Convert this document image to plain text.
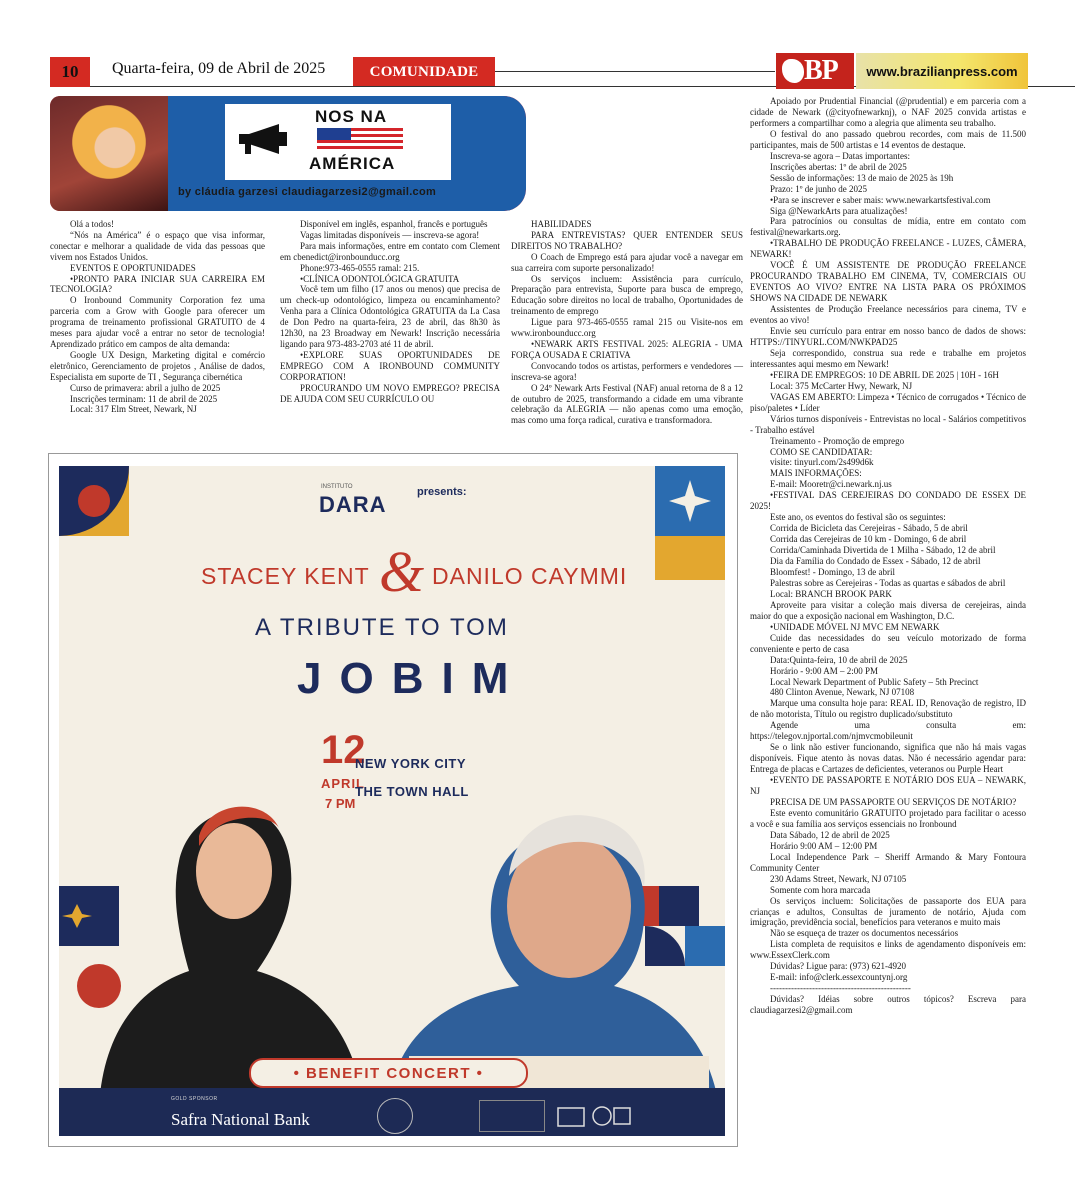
10	Quarta-feira, 09 de Abril de 2025	COMUNIDADE	BP	www.brazilianpress.com
NOS NA
AMÉRICA
by cláudia garzesi claudiagarzesi2@gmail.com

Olá a todos!

“Nós na América” é o espaço que visa informar, conectar e melhorar a qualidade de vida das pessoas que vivem nos Estados Unidos.

EVENTOS E OPORTUNIDADES

•PRONTO PARA INICIAR SUA CARREIRA EM TECNOLOGIA?

O Ironbound Community Corporation fez uma parceria com a Grow with Google para oferecer um programa de treinamento profissional GRATUITO de 4 meses para ajudar você a entrar no setor de tecnologia! Aprendizado prático em campos de alta demanda:

Google UX Design, Marketing digital e comércio eletrônico, Gerenciamento de projetos , Análise de dados, Especialista em suporte de TI , Segurança cibernética

Curso de primavera: abril a julho de 2025

Inscrições terminam: 11 de abril de 2025

Local: 317 Elm Street, Newark, NJ

Disponível em inglês, espanhol, francês e português

Vagas limitadas disponíveis — inscreva-se agora!

Para mais informações, entre em contato com Clement em cbenedict@ironbounducc.org

Phone:973-465-0555 ramal: 215.

•CLÍNICA ODONTOLÓGICA GRATUITA

Você tem um filho (17 anos ou menos) que precisa de um check-up odontológico, limpeza ou encaminhamento? Venha para a Clínica Odontológica GRATUITA da La Casa de Don Pedro na quarta-feira, 23 de abril, das 8h30 às 12h30, na 23 Broadway em Newark! Inscrição necessária ligando para 973-483-2703 até 11 de abril.

•EXPLORE SUAS OPORTUNIDADES DE EMPREGO COM A IRONBOUND COMMUNITY CORPORATION!

PROCURANDO UM NOVO EMPREGO? PRECISA DE AJUDA COM SEU CURRÍCULO OU

HABILIDADES

PARA ENTREVISTAS? QUER ENTENDER SEUS DIREITOS NO TRABALHO?

O Coach de Emprego está para ajudar você a navegar em sua carreira com suporte personalizado!

Os serviços incluem: Assistência para currículo, Preparação para entrevista, Suporte para busca de emprego, Educação sobre direitos no local de trabalho, Oportunidades de treinamento de emprego

Ligue para 973-465-0555 ramal 215 ou Visite-nos em www.ironbounducc.org

•NEWARK ARTS FESTIVAL 2025: ALEGRIA - UMA FORÇA OUSADA E CRIATIVA

Convocando todos os artistas, performers e vendedores — inscreva-se agora!

O 24º Newark Arts Festival (NAF) anual retorna de 8 a 12 de outubro de 2025, transformando a cidade em uma vibrante celebração da ALEGRIA — não apenas como uma emoção, mas como uma força radical, curativa e transformadora.

Apoiado por Prudential Financial (@prudential) e em parceria com a cidade de Newark (@cityofnewarknj), o NAF 2025 convida artistas e performers a compartilhar como a alegria que alimenta seu trabalho.

O festival do ano passado quebrou recordes, com mais de 11.500 participantes, mais de 500 artistas e 14 eventos de destaque.

Inscreva-se agora – Datas importantes:

Inscrições abertas: 1º de abril de 2025

Sessão de informações: 13 de maio de 2025 às 19h

Prazo: 1º de junho de 2025

•Para se inscrever e saber mais: www.newarkartsfestival.com

Siga @NewarkArts para atualizações!

Para patrocínios ou consultas de mídia, entre em contato com festival@newarkarts.org.

•TRABALHO DE PRODUÇÃO FREELANCE - LUZES, CÂMERA, NEWARK!

VOCÊ É UM ASSISTENTE DE PRODUÇÃO FREELANCE PROCURANDO TRABALHO EM CINEMA, TV, COMERCIAIS OU EVENTOS AO VIVO? ENTRE NA LISTA PARA OS PRÓXIMOS SHOWS NA CIDADE DE NEWARK

Assistentes de Produção Freelance necessários para cinema, TV e eventos ao vivo!

Envie seu currículo para entrar em nosso banco de dados de shows: HTTPS://TINYURL.COM/NWKPAD25

Seja correspondido, construa sua rede e trabalhe em projetos interessantes aqui mesmo em Newark!

•FEIRA DE EMPREGOS: 10 DE ABRIL DE 2025 | 10H - 16H

Local: 375 McCarter Hwy, Newark, NJ

VAGAS EM ABERTO: Limpeza • Técnico de corrugados • Técnico de piso/paletes • Líder

Vários turnos disponíveis - Entrevistas no local - Salários competitivos - Trabalho estável

Treinamento - Promoção de emprego

COMO SE CANDIDATAR:

visite: tinyurl.com/2s499d6k

MAIS INFORMAÇÕES:

E-mail: Mooretr@ci.newark.nj.us

•FESTIVAL DAS CEREJEIRAS DO CONDADO DE ESSEX DE 2025!

Este ano, os eventos do festival são os seguintes:

Corrida de Bicicleta das Cerejeiras - Sábado, 5 de abril

Corrida das Cerejeiras de 10 km - Domingo, 6 de abril

Corrida/Caminhada Divertida de 1 Milha - Sábado, 12 de abril

Dia da Família do Condado de Essex - Sábado, 12 de abril

Bloomfest! - Domingo, 13 de abril

Palestras sobre as Cerejeiras - Todas as quartas e sábados de abril

Local: BRANCH BROOK PARK

Aproveite para visitar a coleção mais diversa de cerejeiras, ainda maior do que a exposição nacional em Washington, D.C.

•UNIDADE MÓVEL NJ MVC EM NEWARK

Cuide das necessidades do seu veículo motorizado de forma conveniente e perto de casa

Data:Quinta-feira, 10 de abril de 2025

Horário - 9:00 AM – 2:00 PM

Local Newark Department of Public Safety – 5th Precinct

480 Clinton Avenue, Newark, NJ 07108

Marque uma consulta hoje para: REAL ID, Renovação de registro, ID de não motorista, Título ou registro duplicado/substituto

Agende uma consulta em: https://telegov.njportal.com/njmvcmobileunit

Se o link não estiver funcionando, significa que não há mais vagas disponíveis. Fique atento às novas datas. Não é necessário agendar para: Entrega de placas e Cartazes de deficientes, veteranos ou Purple Heart

•EVENTO DE PASSAPORTE E NOTÁRIO DOS EUA – NEWARK, NJ

PRECISA DE UM PASSAPORTE OU SERVIÇOS DE NOTÁRIO?

Este evento comunitário GRATUITO projetado para facilitar o acesso a você e sua família aos serviços essenciais no Ironbound

Data Sábado, 12 de abril de 2025

Horário 9:00 AM – 12:00 PM

Local Independence Park – Sheriff Armando & Mary Fontoura Community Center

230 Adams Street, Newark, NJ 07105

Somente com hora marcada

Os serviços incluem: Solicitações de passaporte dos EUA para crianças e adultos, Consultas de juramento de notário, Ajuda com imigração, previdência social, benefícios para veteranos e muito mais

Não se esqueça de trazer os documentos necessários

Lista completa de requisitos e links de agendamento disponíveis em: www.EssexClerk.com

Dúvidas? Ligue para: (973) 621-4920

E-mail: info@clerk.essexcountynj.org

-----------------------------------------------

Dúvidas? Idéias sobre outros tópicos? Escreva para claudiagarzesi2@gmail.com

INSTITUTO
DARA	presents:
STACEY KENT & DANILO CAYMMI
A TRIBUTE TO TOM
JOBIM
12
APRIL
7 PM
NEW YORK CITY
THE TOWN HALL
• BENEFIT CONCERT •
GOLD SPONSOR
Safra National Bank
